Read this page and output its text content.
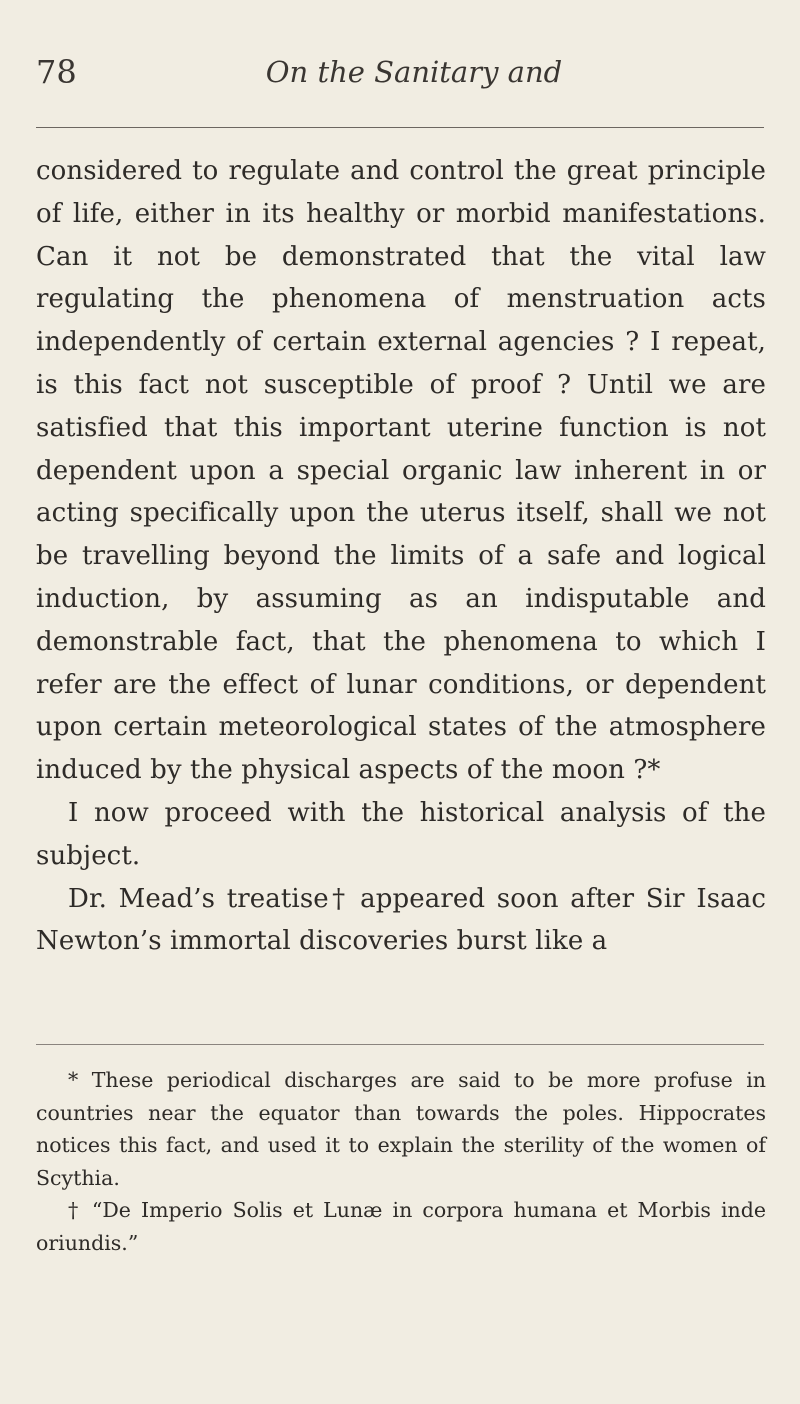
78	On the Sanitary and

considered to regulate and control the great principle of life, either in its healthy or morbid manifestations. Can it not be demonstrated that the vital law regulating the phenomena of menstruation acts independently of certain external agencies ? I repeat, is this fact not susceptible of proof ? Until we are satisfied that this important uterine function is not dependent upon a special organic law inherent in or acting specifically upon the uterus itself, shall we not be travelling beyond the limits of a safe and logical induction, by assuming as an indisputable and demonstrable fact, that the phenomena to which I refer are the effect of lunar conditions, or dependent upon certain meteorological states of the atmosphere induced by the physical aspects of the moon ?*

I now proceed with the historical analysis of the subject.

Dr. Mead’s treatise† appeared soon after Sir Isaac Newton’s immortal discoveries burst like a

* These periodical discharges are said to be more profuse in countries near the equator than towards the poles. Hippocrates notices this fact, and used it to explain the sterility of the women of Scythia.

† “De Imperio Solis et Lunæ in corpora humana et Morbis inde oriundis.”
